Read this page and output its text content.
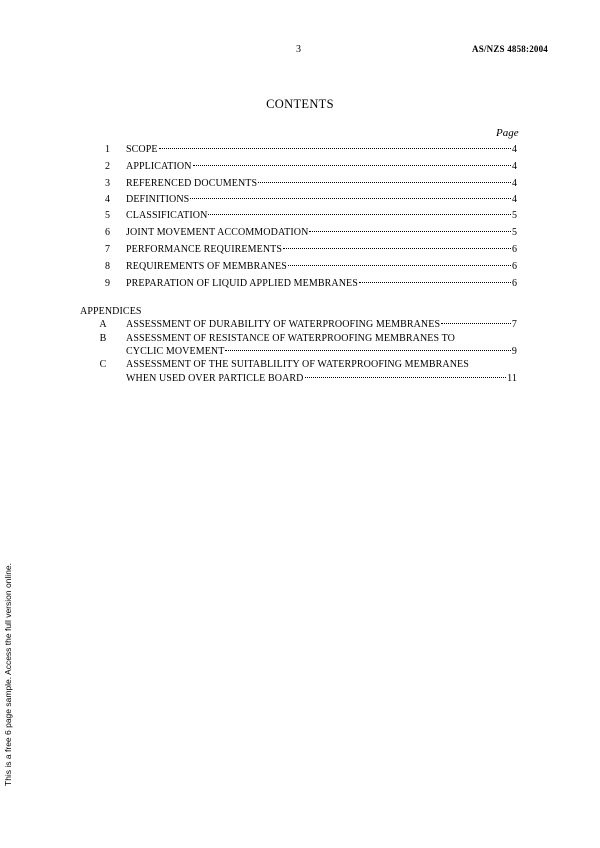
3	AS/NZS 4858:2004
CONTENTS
Page
1 SCOPE	4
2 APPLICATION	4
3 REFERENCED DOCUMENTS	4
4 DEFINITIONS	4
5 CLASSIFICATION	5
6 JOINT MOVEMENT ACCOMMODATION	5
7 PERFORMANCE REQUIREMENTS	6
8 REQUIREMENTS OF MEMBRANES	6
9 PREPARATION OF LIQUID APPLIED MEMBRANES	6
APPENDICES
A	ASSESSMENT OF DURABILITY OF WATERPROOFING MEMBRANES	7
B	ASSESSMENT OF RESISTANCE OF WATERPROOFING MEMBRANES TO
CYCLIC MOVEMENT	9
C	ASSESSMENT OF THE SUITABLILITY OF WATERPROOFING MEMBRANES
WHEN USED OVER PARTICLE BOARD	11
This is a free 6 page sample. Access the full version online.
